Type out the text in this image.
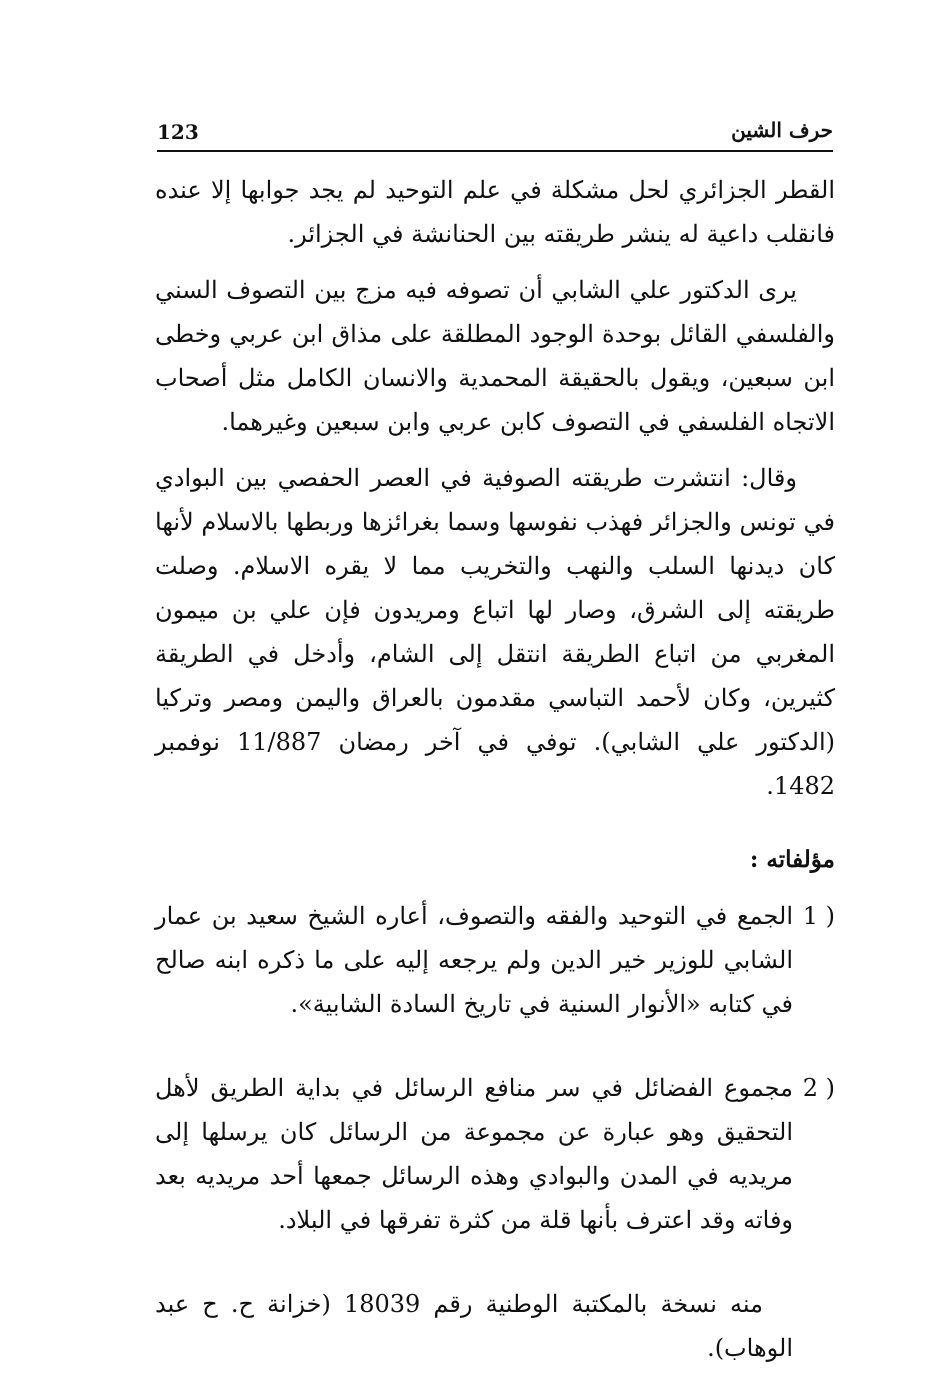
123	حرف الشين

القطر الجزائري لحل مشكلة في علم التوحيد لم يجد جوابها إلا عنده فانقلب داعية له ينشر طريقته بين الحنانشة في الجزائر.

يرى الدكتور علي الشابي أن تصوفه فيه مزج بين التصوف السني والفلسفي القائل بوحدة الوجود المطلقة على مذاق ابن عربي وخطى ابن سبعين، ويقول بالحقيقة المحمدية والانسان الكامل مثل أصحاب الاتجاه الفلسفي في التصوف كابن عربي وابن سبعين وغيرهما.

وقال: انتشرت طريقته الصوفية في العصر الحفصي بين البوادي في تونس والجزائر فهذب نفوسها وسما بغرائزها وربطها بالاسلام لأنها كان ديدنها السلب والنهب والتخريب مما لا يقره الاسلام. وصلت طريقته إلى الشرق، وصار لها اتباع ومريدون فإن علي بن ميمون المغربي من اتباع الطريقة انتقل إلى الشام، وأدخل في الطريقة كثيرين، وكان لأحمد التباسي مقدمون بالعراق واليمن ومصر وتركيا (الدكتور علي الشابي). توفي في آخر رمضان 11/887 نوفمبر 1482.

مؤلفاته :

1 )
الجمع في التوحيد والفقه والتصوف، أعاره الشيخ سعيد بن عمار الشابي للوزير خير الدين ولم يرجعه إليه على ما ذكره ابنه صالح في كتابه «الأنوار السنية في تاريخ السادة الشابية».
2 )
مجموع الفضائل في سر منافع الرسائل في بداية الطريق لأهل التحقيق وهو عبارة عن مجموعة من الرسائل كان يرسلها إلى مريديه في المدن والبوادي وهذه الرسائل جمعها أحد مريديه بعد وفاته وقد اعترف بأنها قلة من كثرة تفرقها في البلاد.

منه نسخة بالمكتبة الوطنية رقم 18039 (خزانة ح. ح عبد الوهاب).
